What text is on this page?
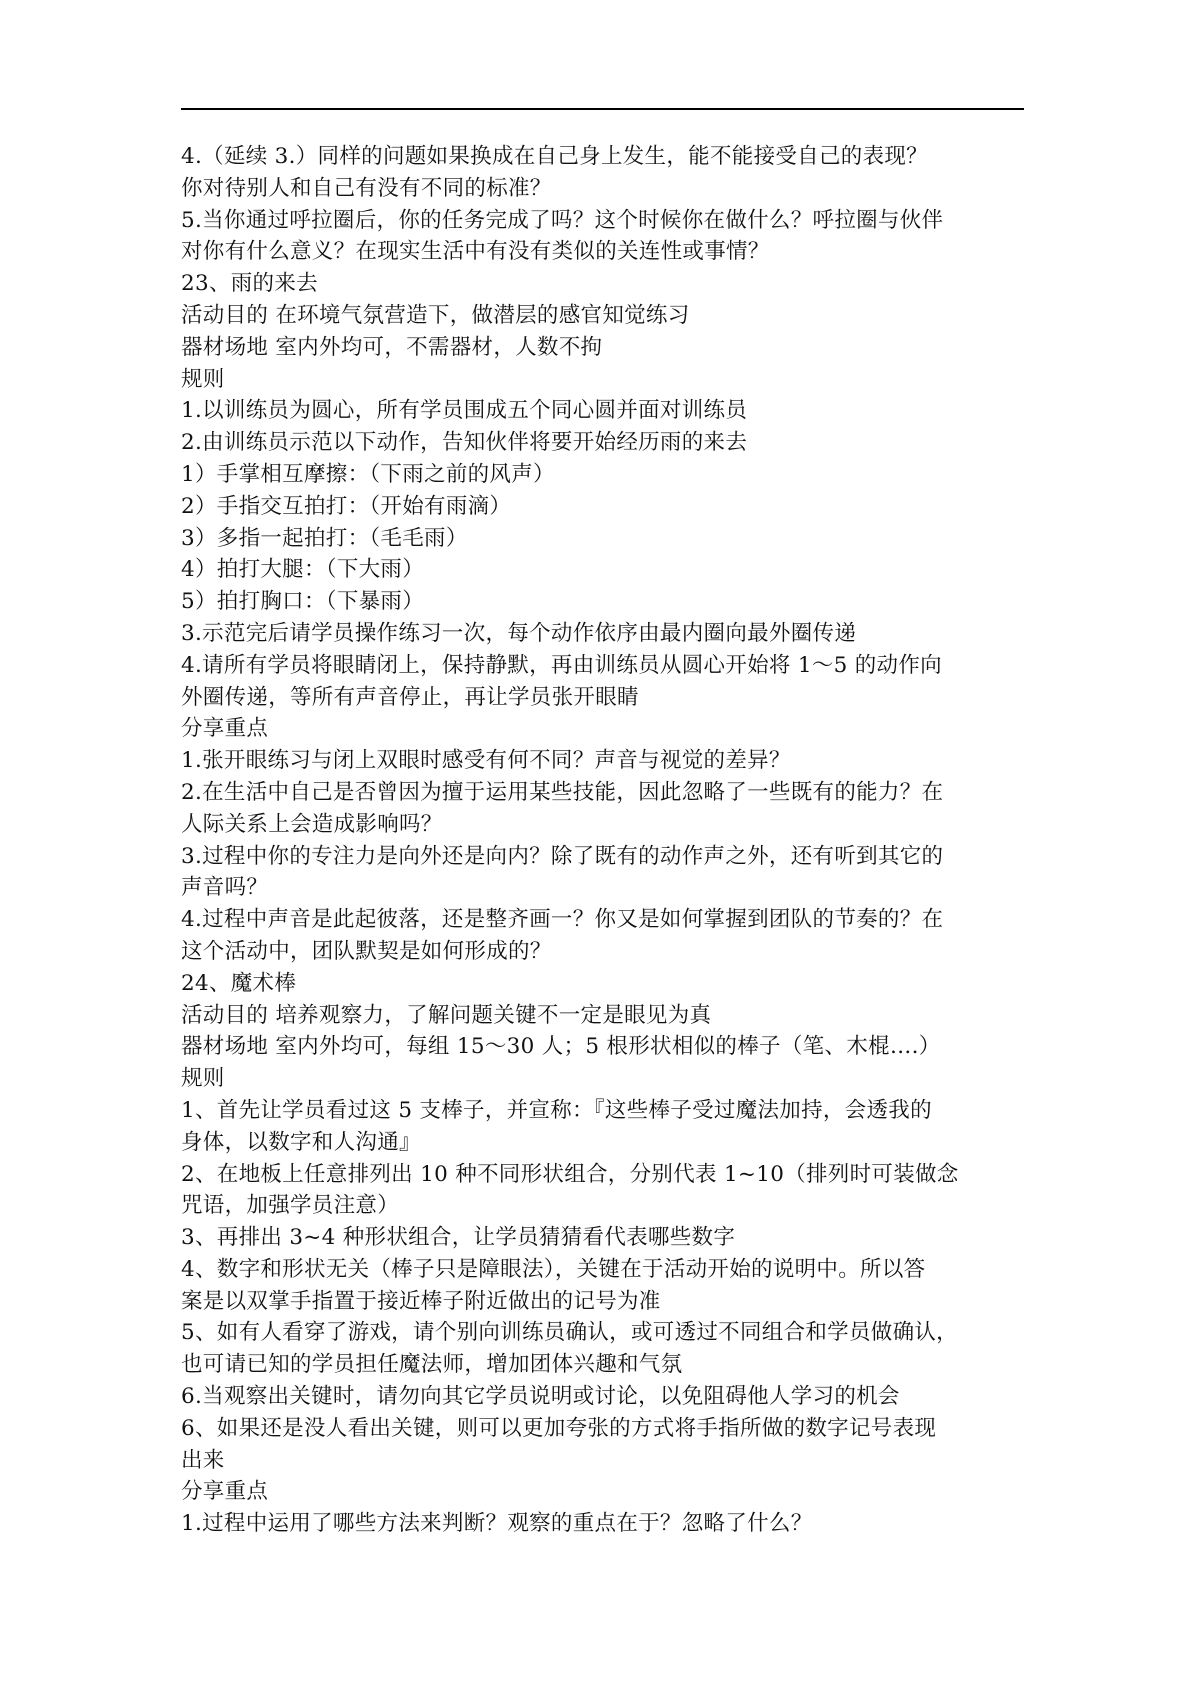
4.（延续 3.）同样的问题如果换成在自己身上发生，能不能接受自己的表现？
你对待别人和自己有没有不同的标准？
5.当你通过呼拉圈后，你的任务完成了吗？这个时候你在做什么？呼拉圈与伙伴
对你有什么意义？在现实生活中有没有类似的关连性或事情？
23、雨的来去
活动目的 在环境气氛营造下，做潜层的感官知觉练习
器材场地 室内外均可，不需器材，人数不拘
规则
1.以训练员为圆心，所有学员围成五个同心圆并面对训练员
2.由训练员示范以下动作，告知伙伴将要开始经历雨的来去
1）手掌相互摩擦：（下雨之前的风声）
2）手指交互拍打：（开始有雨滴）
3）多指一起拍打：（毛毛雨）
4）拍打大腿：（下大雨）
5）拍打胸口：（下暴雨）
3.示范完后请学员操作练习一次，每个动作依序由最内圈向最外圈传递
4.请所有学员将眼睛闭上，保持静默，再由训练员从圆心开始将 1～5 的动作向
外圈传递，等所有声音停止，再让学员张开眼睛
分享重点
1.张开眼练习与闭上双眼时感受有何不同？声音与视觉的差异？
2.在生活中自己是否曾因为擅于运用某些技能，因此忽略了一些既有的能力？在
人际关系上会造成影响吗？
3.过程中你的专注力是向外还是向内？除了既有的动作声之外，还有听到其它的
声音吗？
4.过程中声音是此起彼落，还是整齐画一？你又是如何掌握到团队的节奏的？在
这个活动中，团队默契是如何形成的？
24、魔术棒
活动目的 培养观察力，了解问题关键不一定是眼见为真
器材场地 室内外均可，每组 15～30 人；5 根形状相似的棒子（笔、木棍….）
规则
1、首先让学员看过这 5 支棒子，并宣称：『这些棒子受过魔法加持，会透我的
身体，以数字和人沟通』
2、在地板上任意排列出 10 种不同形状组合，分别代表 1~10（排列时可装做念
咒语，加强学员注意）
3、再排出 3~4 种形状组合，让学员猜猜看代表哪些数字
4、数字和形状无关（棒子只是障眼法），关键在于活动开始的说明中。所以答
案是以双掌手指置于接近棒子附近做出的记号为准
5、如有人看穿了游戏，请个别向训练员确认，或可透过不同组合和学员做确认，
也可请已知的学员担任魔法师，增加团体兴趣和气氛
6.当观察出关键时，请勿向其它学员说明或讨论，以免阻碍他人学习的机会
6、如果还是没人看出关键，则可以更加夸张的方式将手指所做的数字记号表现
出来
分享重点
1.过程中运用了哪些方法来判断？观察的重点在于？忽略了什么？
